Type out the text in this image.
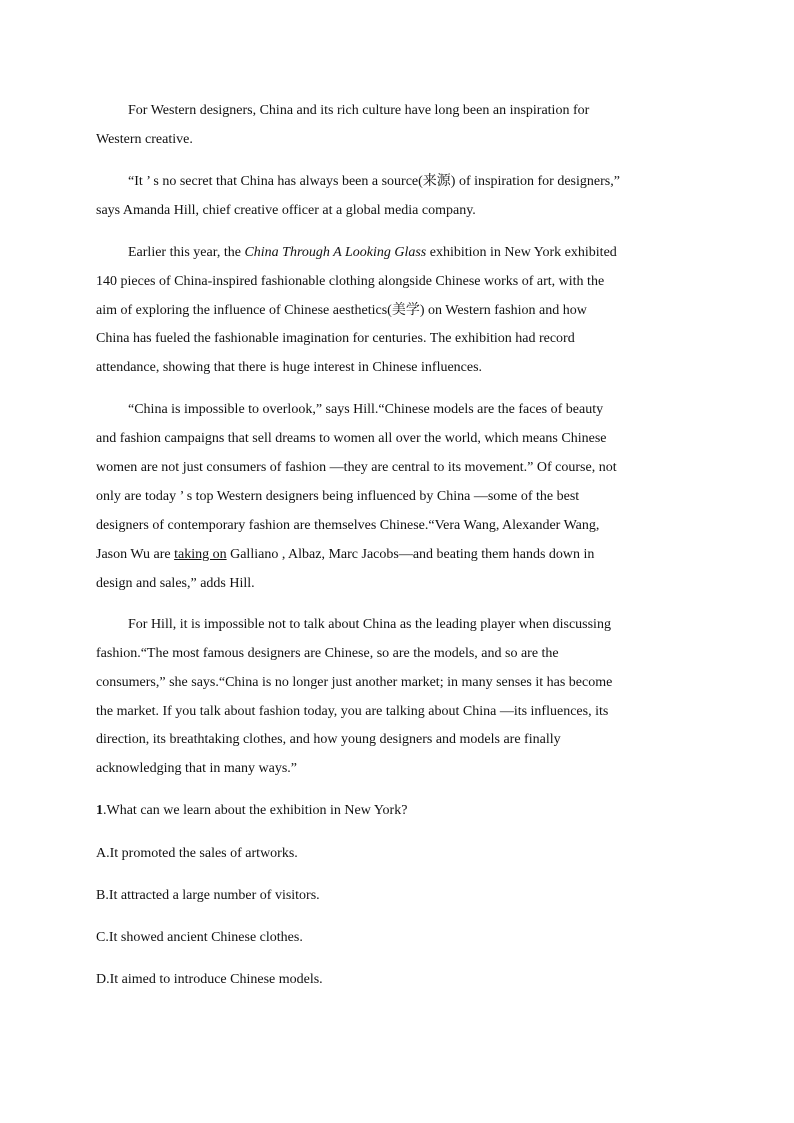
For Western designers, China and its rich culture have long been an inspiration for
Western creative.
“It ’ s no secret that China has always been a source(来源) of inspiration for designers,”
says Amanda Hill, chief creative officer at a global media company.
Earlier this year, the China Through A Looking Glass exhibition in New York exhibited
140 pieces of China-inspired fashionable clothing alongside Chinese works of art, with the
aim of exploring the influence of Chinese aesthetics(美学) on Western fashion and how
China has fueled the fashionable imagination for centuries. The exhibition had record
attendance, showing that there is huge interest in Chinese influences.
“China is impossible to overlook,” says Hill.“Chinese models are the faces of beauty
and fashion campaigns that sell dreams to women all over the world, which means Chinese
women are not just consumers of fashion —they are central to its movement.” Of course, not
only are today ’ s top Western designers being influenced by China —some of the best
designers of contemporary fashion are themselves Chinese.“Vera Wang, Alexander Wang,
Jason Wu are taking on Galliano , Albaz, Marc Jacobs—and beating them hands down in
design and sales,” adds Hill.
For Hill, it is impossible not to talk about China as the leading player when discussing
fashion.“The most famous designers are Chinese, so are the models, and so are the
consumers,” she says.“China is no longer just another market; in many senses it has become
the market. If you talk about fashion today, you are talking about China —its influences, its
direction, its breathtaking clothes, and how young designers and models are finally
acknowledging that in many ways.”
1.What can we learn about the exhibition in New York?
A.It promoted the sales of artworks.
B.It attracted a large number of visitors.
C.It showed ancient Chinese clothes.
D.It aimed to introduce Chinese models.
